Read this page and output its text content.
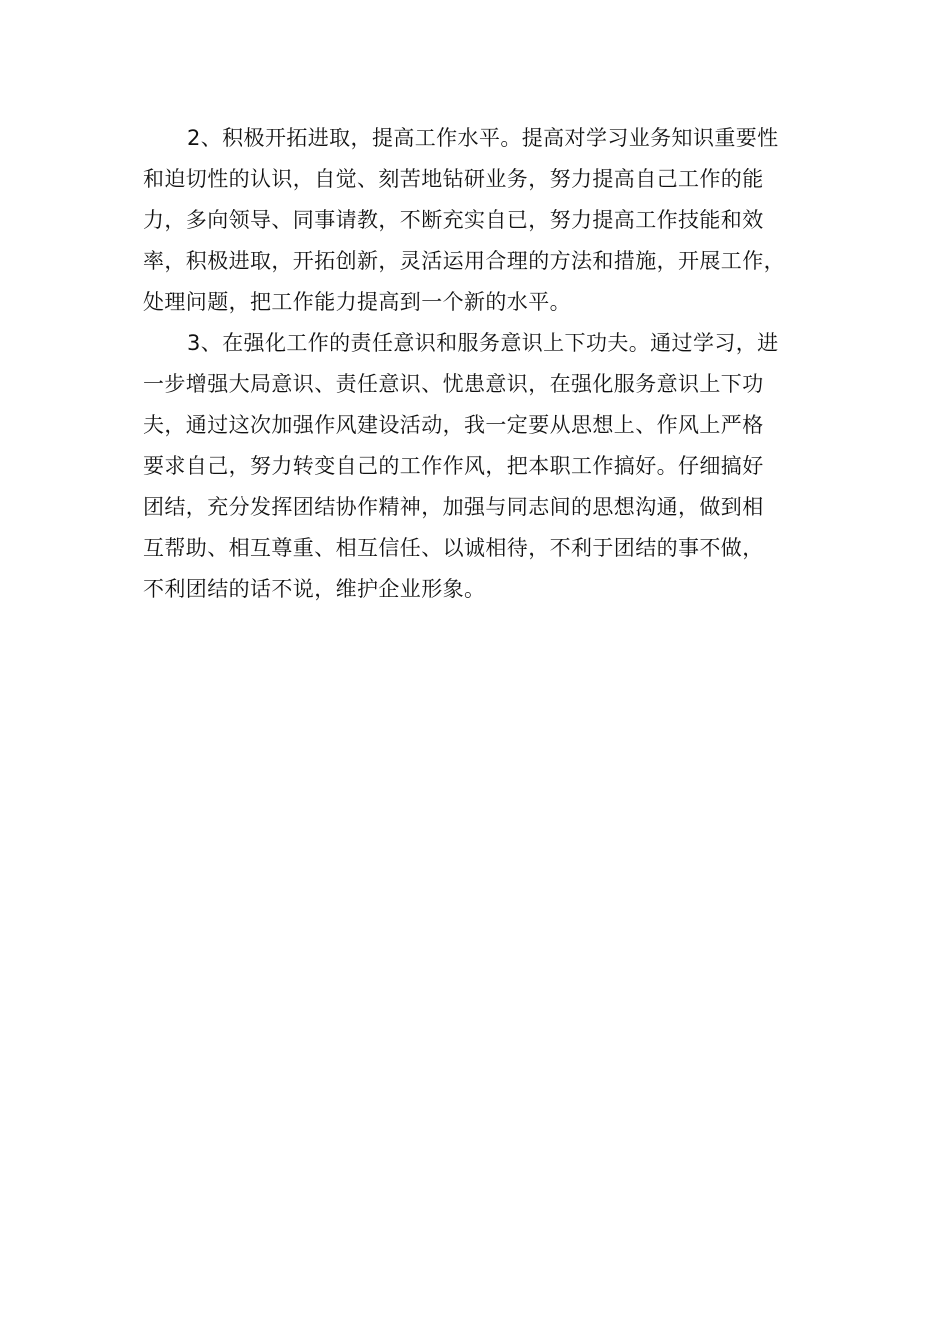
2、积极开拓进取，提高工作水平。提高对学习业务知识重要性
和迫切性的认识，自觉、刻苦地钻研业务，努力提高自己工作的能
力，多向领导、同事请教，不断充实自已，努力提高工作技能和效
率，积极进取，开拓创新，灵活运用合理的方法和措施，开展工作，
处理问题，把工作能力提高到一个新的水平。
3、在强化工作的责任意识和服务意识上下功夫。通过学习，进
一步增强大局意识、责任意识、忧患意识，在强化服务意识上下功
夫，通过这次加强作风建设活动，我一定要从思想上、作风上严格
要求自己，努力转变自己的工作作风，把本职工作搞好。仔细搞好
团结，充分发挥团结协作精神，加强与同志间的思想沟通，做到相
互帮助、相互尊重、相互信任、以诚相待，不利于团结的事不做，
不利团结的话不说，维护企业形象。
